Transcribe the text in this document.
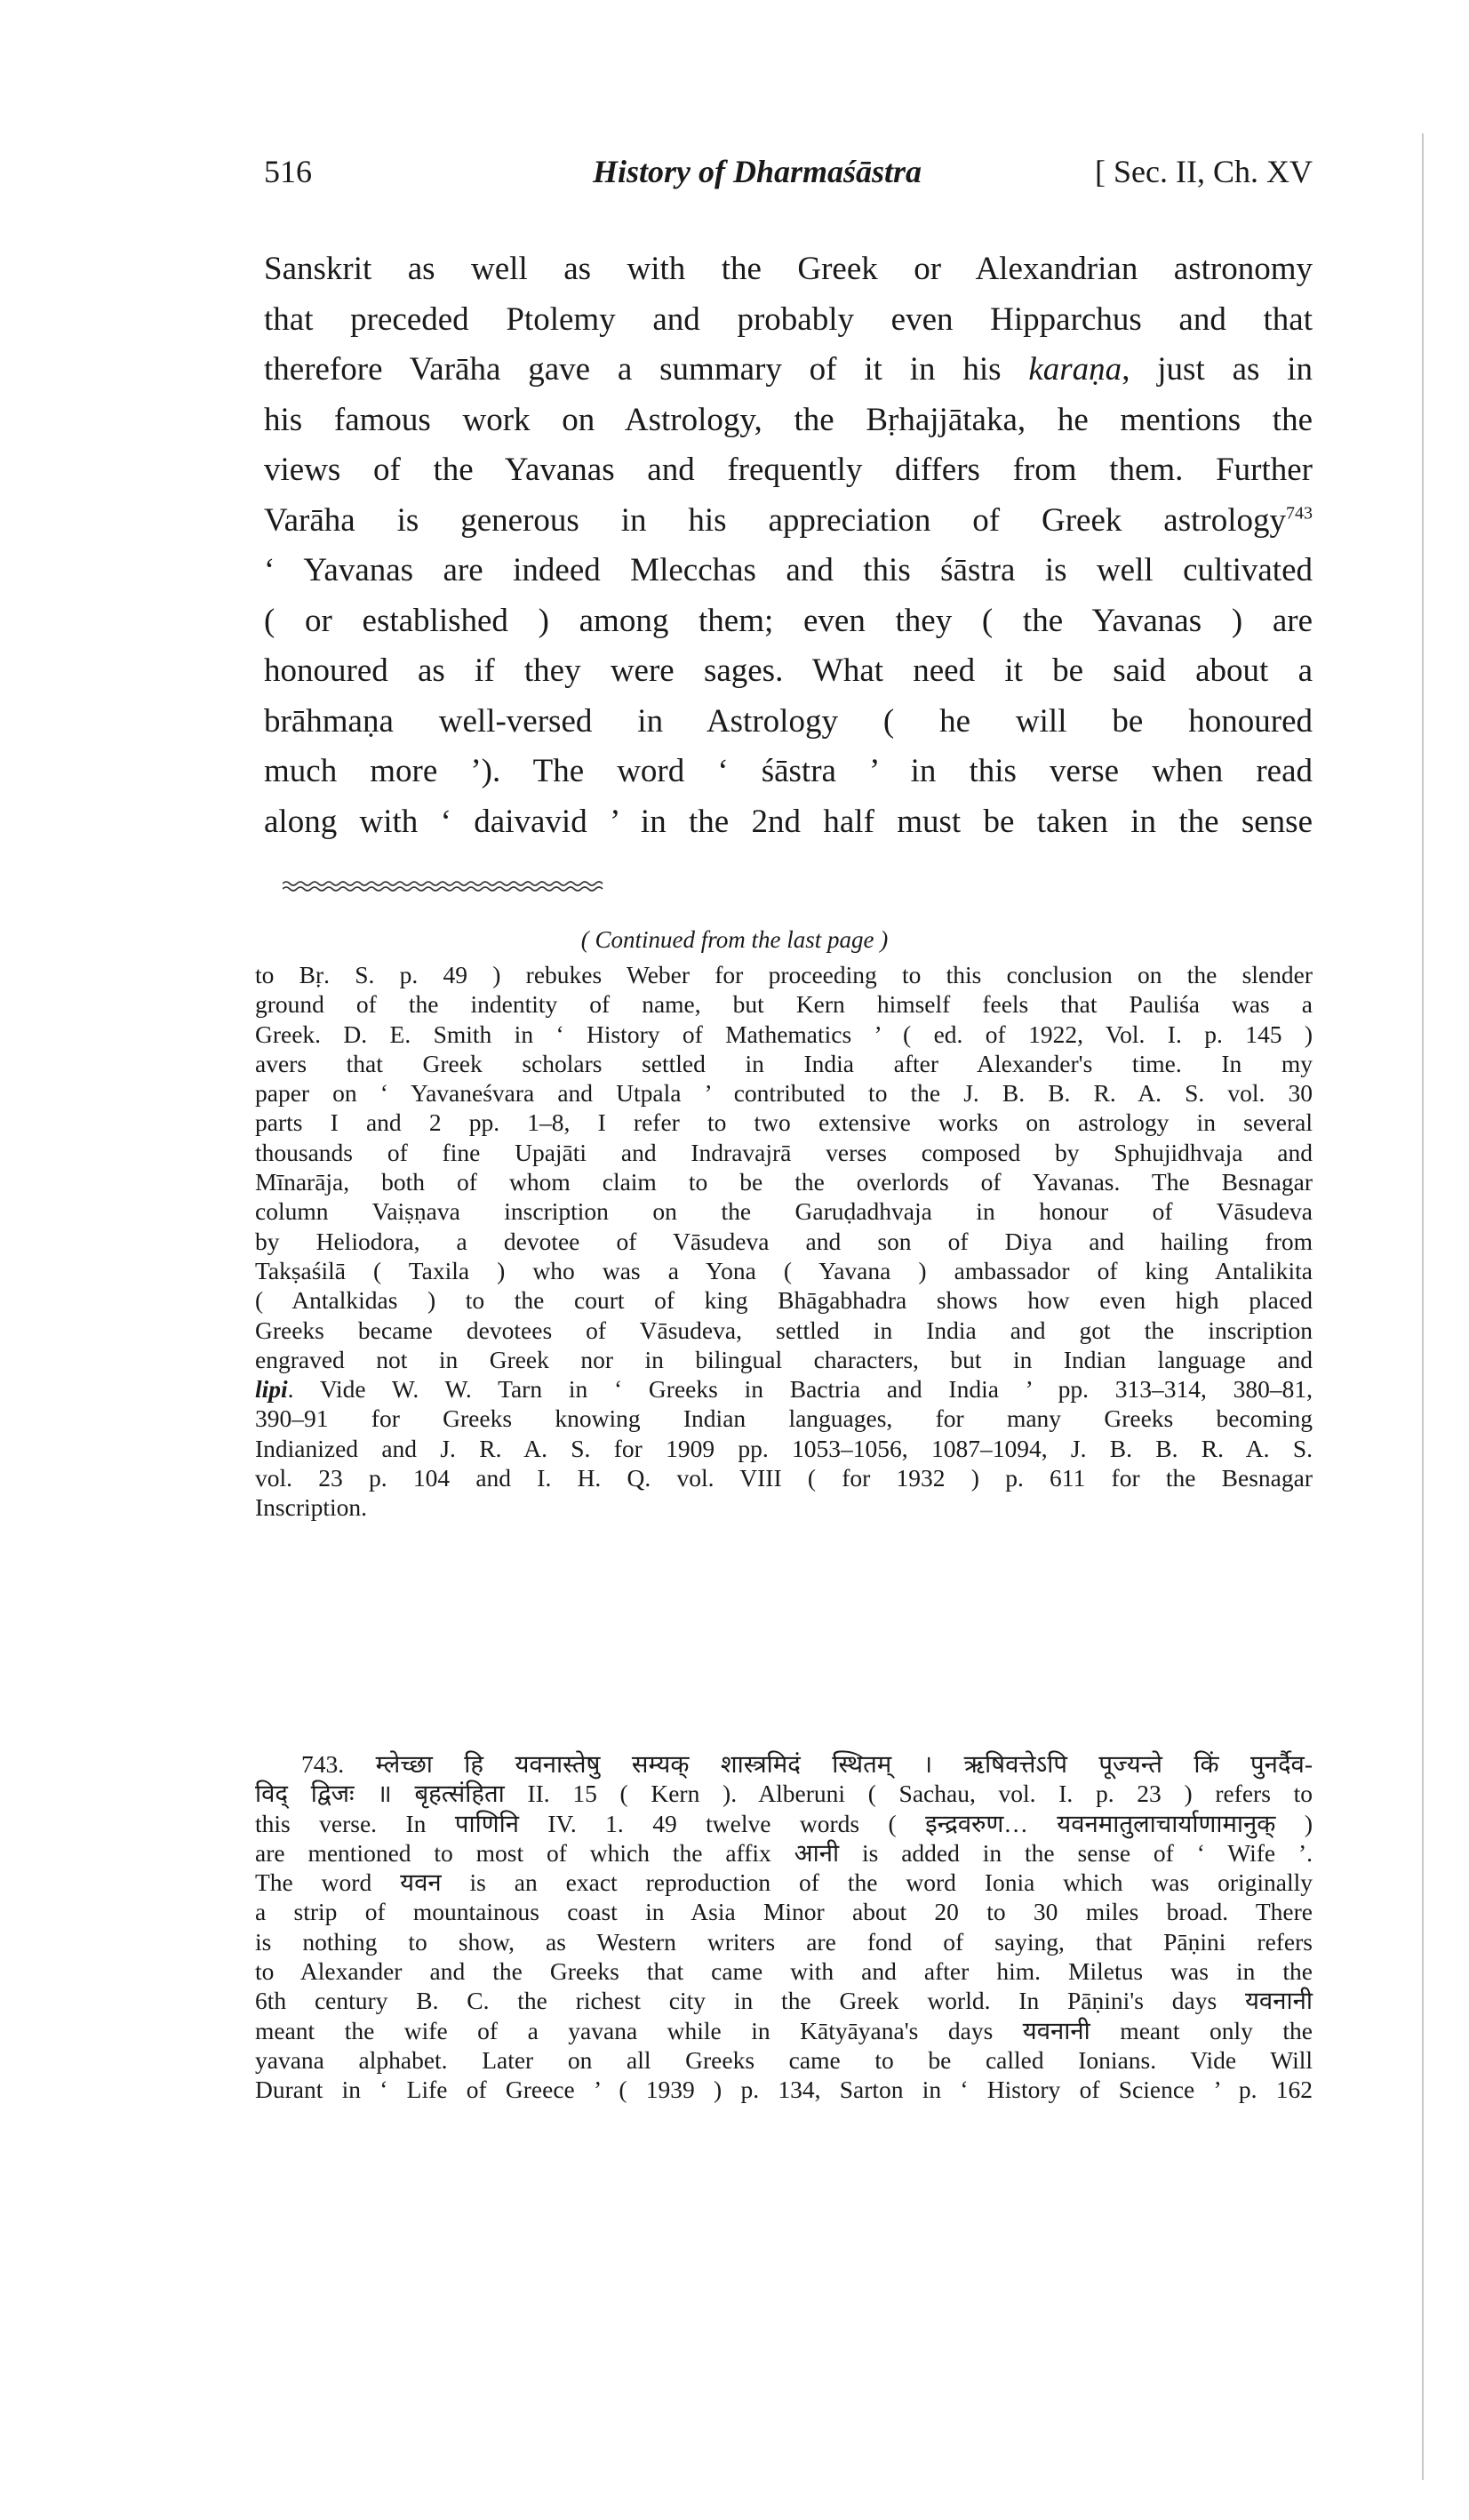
516	History of Dharmaśāstra	[ Sec. II, Ch. XV

Sanskrit as well as with the Greek or Alexandrian astronomy

that preceded Ptolemy and probably even Hipparchus and that

therefore Varāha gave a summary of it in his karaṇa, just as in

his famous work on Astrology, the Bṛhajjātaka, he mentions the

views of the Yavanas and frequently differs from them. Further

Varāha is generous in his appreciation of Greek astrology$^{743}$

‘ Yavanas are indeed Mlecchas and this śāstra is well cultivated

( or established ) among them; even they ( the Yavanas ) are

honoured as if they were sages. What need it be said about a

brāhmaṇa well-versed in Astrology ( he will be honoured

much more ’). The word ‘ śāstra ’ in this verse when read

along with ‘ daivavid ’ in the 2nd half must be taken in the sense

( Continued from the last page )

to Bṛ. S. p. 49 ) rebukes Weber for proceeding to this conclusion on the slender

ground of the indentity of name, but Kern himself feels that Pauliśa was a

Greek. D. E. Smith in ‘ History of Mathematics ’ ( ed. of 1922, Vol. I. p. 145 )

avers that Greek scholars settled in India after Alexander's time. In my

paper on ‘ Yavaneśvara and Utpala ’ contributed to the J. B. B. R. A. S. vol. 30

parts I and 2 pp. 1–8, I refer to two extensive works on astrology in several

thousands of fine Upajāti and Indravajrā verses composed by Sphujidhvaja and

Mīnarāja, both of whom claim to be the overlords of Yavanas. The Besnagar

column Vaiṣṇava inscription on the Garuḍadhvaja in honour of Vāsudeva

by Heliodora, a devotee of Vāsudeva and son of Diya and hailing from

Takṣaśilā ( Taxila ) who was a Yona ( Yavana ) ambassador of king Antalikita

( Antalkidas ) to the court of king Bhāgabhadra shows how even high placed

Greeks became devotees of Vāsudeva, settled in India and got the inscription

engraved not in Greek nor in bilingual characters, but in Indian language and

lipi. Vide W. W. Tarn in ‘ Greeks in Bactria and India ’ pp. 313–314, 380–81,

390–91 for Greeks knowing Indian languages, for many Greeks becoming

Indianized and J. R. A. S. for 1909 pp. 1053–1056, 1087–1094, J. B. B. R. A. S.

vol. 23 p. 104 and I. H. Q. vol. VIII ( for 1932 ) p. 611 for the Besnagar

Inscription.

743. म्लेच्छा हि यवनास्तेषु सम्यक् शास्त्रमिदं स्थितम् । ऋषिवत्तेऽपि पूज्यन्ते किं पुनर्दैव-

विद् द्विजः ॥ बृहत्संहिता II. 15 ( Kern ). Alberuni ( Sachau, vol. I. p. 23 ) refers to

this verse. In पाणिनि IV. 1. 49 twelve words ( इन्द्रवरुण… यवनमातुलाचार्याणामानुक् )

are mentioned to most of which the affix आनी is added in the sense of ‘ Wife ’.

The word यवन is an exact reproduction of the word Ionia which was originally

a strip of mountainous coast in Asia Minor about 20 to 30 miles broad. There

is nothing to show, as Western writers are fond of saying, that Pāṇini refers

to Alexander and the Greeks that came with and after him. Miletus was in the

6th century B. C. the richest city in the Greek world. In Pāṇini's days यवनानी

meant the wife of a yavana while in Kātyāyana's days यवनानी meant only the

yavana alphabet. Later on all Greeks came to be called Ionians. Vide Will

Durant in ‘ Life of Greece ’ ( 1939 ) p. 134, Sarton in ‘ History of Science ’ p. 162
